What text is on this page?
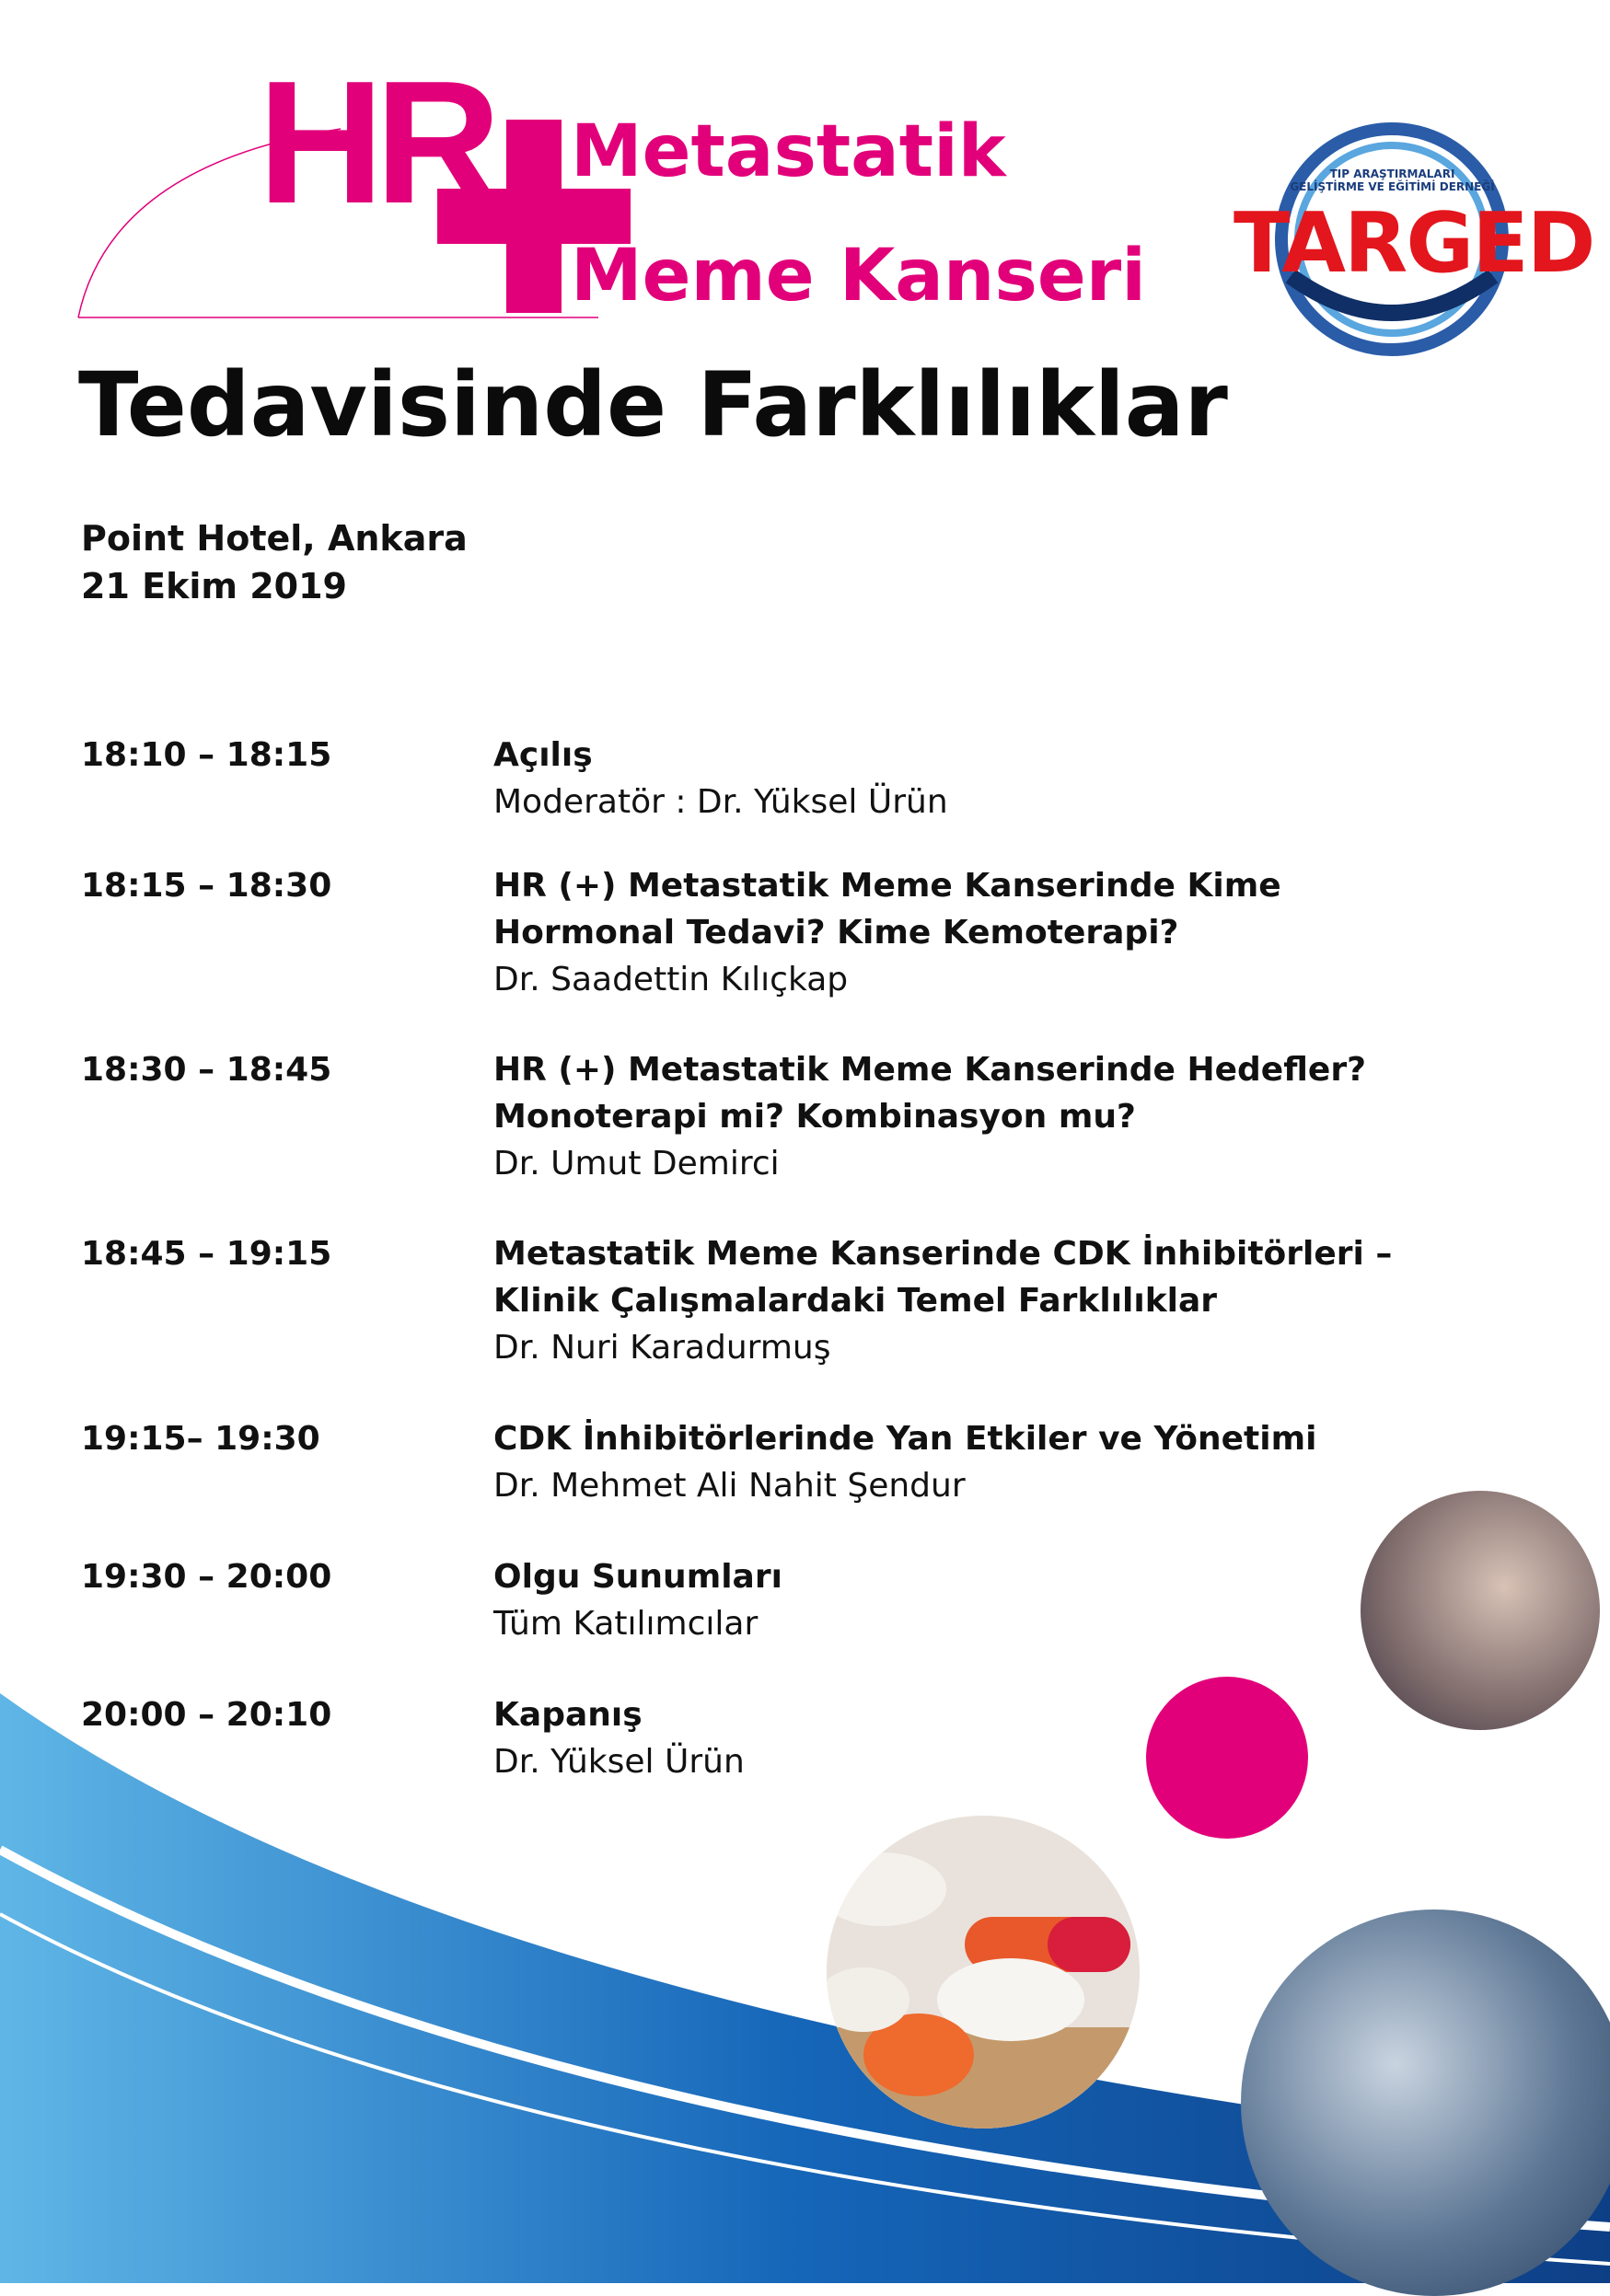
HR Metastatik
Meme Kanseri
TIP ARAŞTIRMALARI
GELİŞTİRME VE EĞİTİMİ DERNEĞİ
TARGED
Tedavisinde Farklılıklar
Point Hotel, Ankara
21 Ekim 2019
18:10 – 18:15	Açılış
Moderatör : Dr. Yüksel Ürün
18:15 – 18:30	HR (+) Metastatik Meme Kanserinde Kime
Hormonal Tedavi? Kime Kemoterapi?
Dr. Saadettin Kılıçkap
18:30 – 18:45	HR (+) Metastatik Meme Kanserinde Hedefler?
Monoterapi mi? Kombinasyon mu?
Dr. Umut Demirci
18:45 – 19:15	Metastatik Meme Kanserinde CDK İnhibitörleri –
Klinik Çalışmalardaki Temel Farklılıklar
Dr. Nuri Karadurmuş
19:15– 19:30	CDK İnhibitörlerinde Yan Etkiler ve Yönetimi
Dr. Mehmet Ali Nahit Şendur
19:30 – 20:00	Olgu Sunumları
Tüm Katılımcılar
20:00 – 20:10	Kapanış
Dr. Yüksel Ürün
